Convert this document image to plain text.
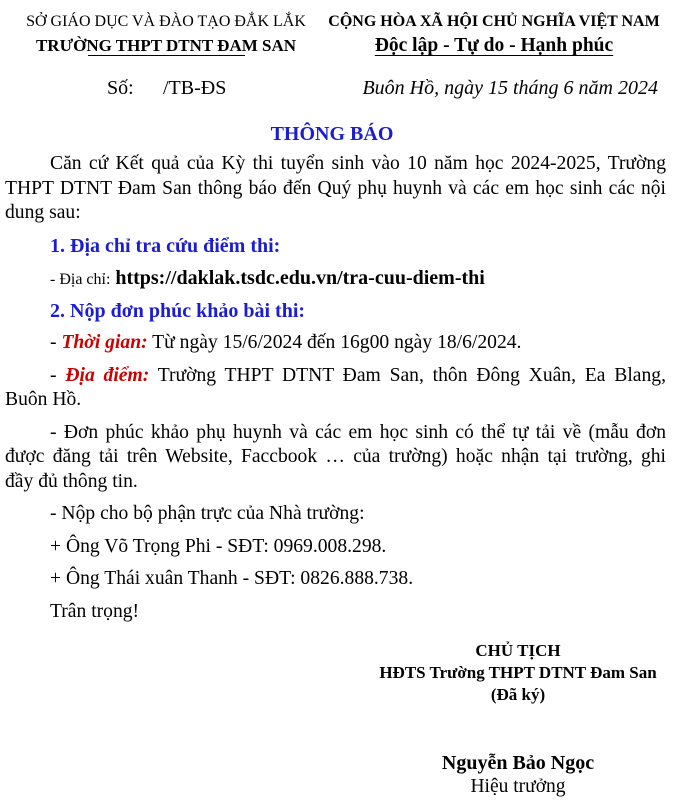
SỞ GIÁO DỤC VÀ ĐÀO TẠO ĐẮK LẮK
TRƯỜNG THPT DTNT ĐAM SAN
CỘNG HÒA XÃ HỘI CHỦ NGHĨA VIỆT NAM
Độc lập - Tự do - Hạnh phúc
Số: /TB-ĐS	Buôn Hồ, ngày 15 tháng 6 năm 2024
THÔNG BÁO
Căn cứ Kết quả của Kỳ thi tuyển sinh vào 10 năm học 2024-2025, Trường
THPT DTNT Đam San thông báo đến Quý phụ huynh và các em học sinh các nội
dung sau:
1. Địa chỉ tra cứu điểm thi:
- Địa chỉ: https://daklak.tsdc.edu.vn/tra-cuu-diem-thi
2. Nộp đơn phúc khảo bài thi:
- Thời gian: Từ ngày 15/6/2024 đến 16g00 ngày 18/6/2024.
- Địa điểm: Trường THPT DTNT Đam San, thôn Đông Xuân, Ea Blang,
Buôn Hồ.
- Đơn phúc khảo phụ huynh và các em học sinh có thể tự tải về (mẫu đơn
được đăng tải trên Website, Faccbook … của trường) hoặc nhận tại trường, ghi
đầy đủ thông tin.
- Nộp cho bộ phận trực của Nhà trường:
+ Ông Võ Trọng Phi - SĐT: 0969.008.298.
+ Ông Thái xuân Thanh - SĐT: 0826.888.738.
Trân trọng!
CHỦ TỊCH
HĐTS Trường THPT DTNT Đam San
(Đã ký)
Nguyễn Bảo Ngọc
Hiệu trưởng
